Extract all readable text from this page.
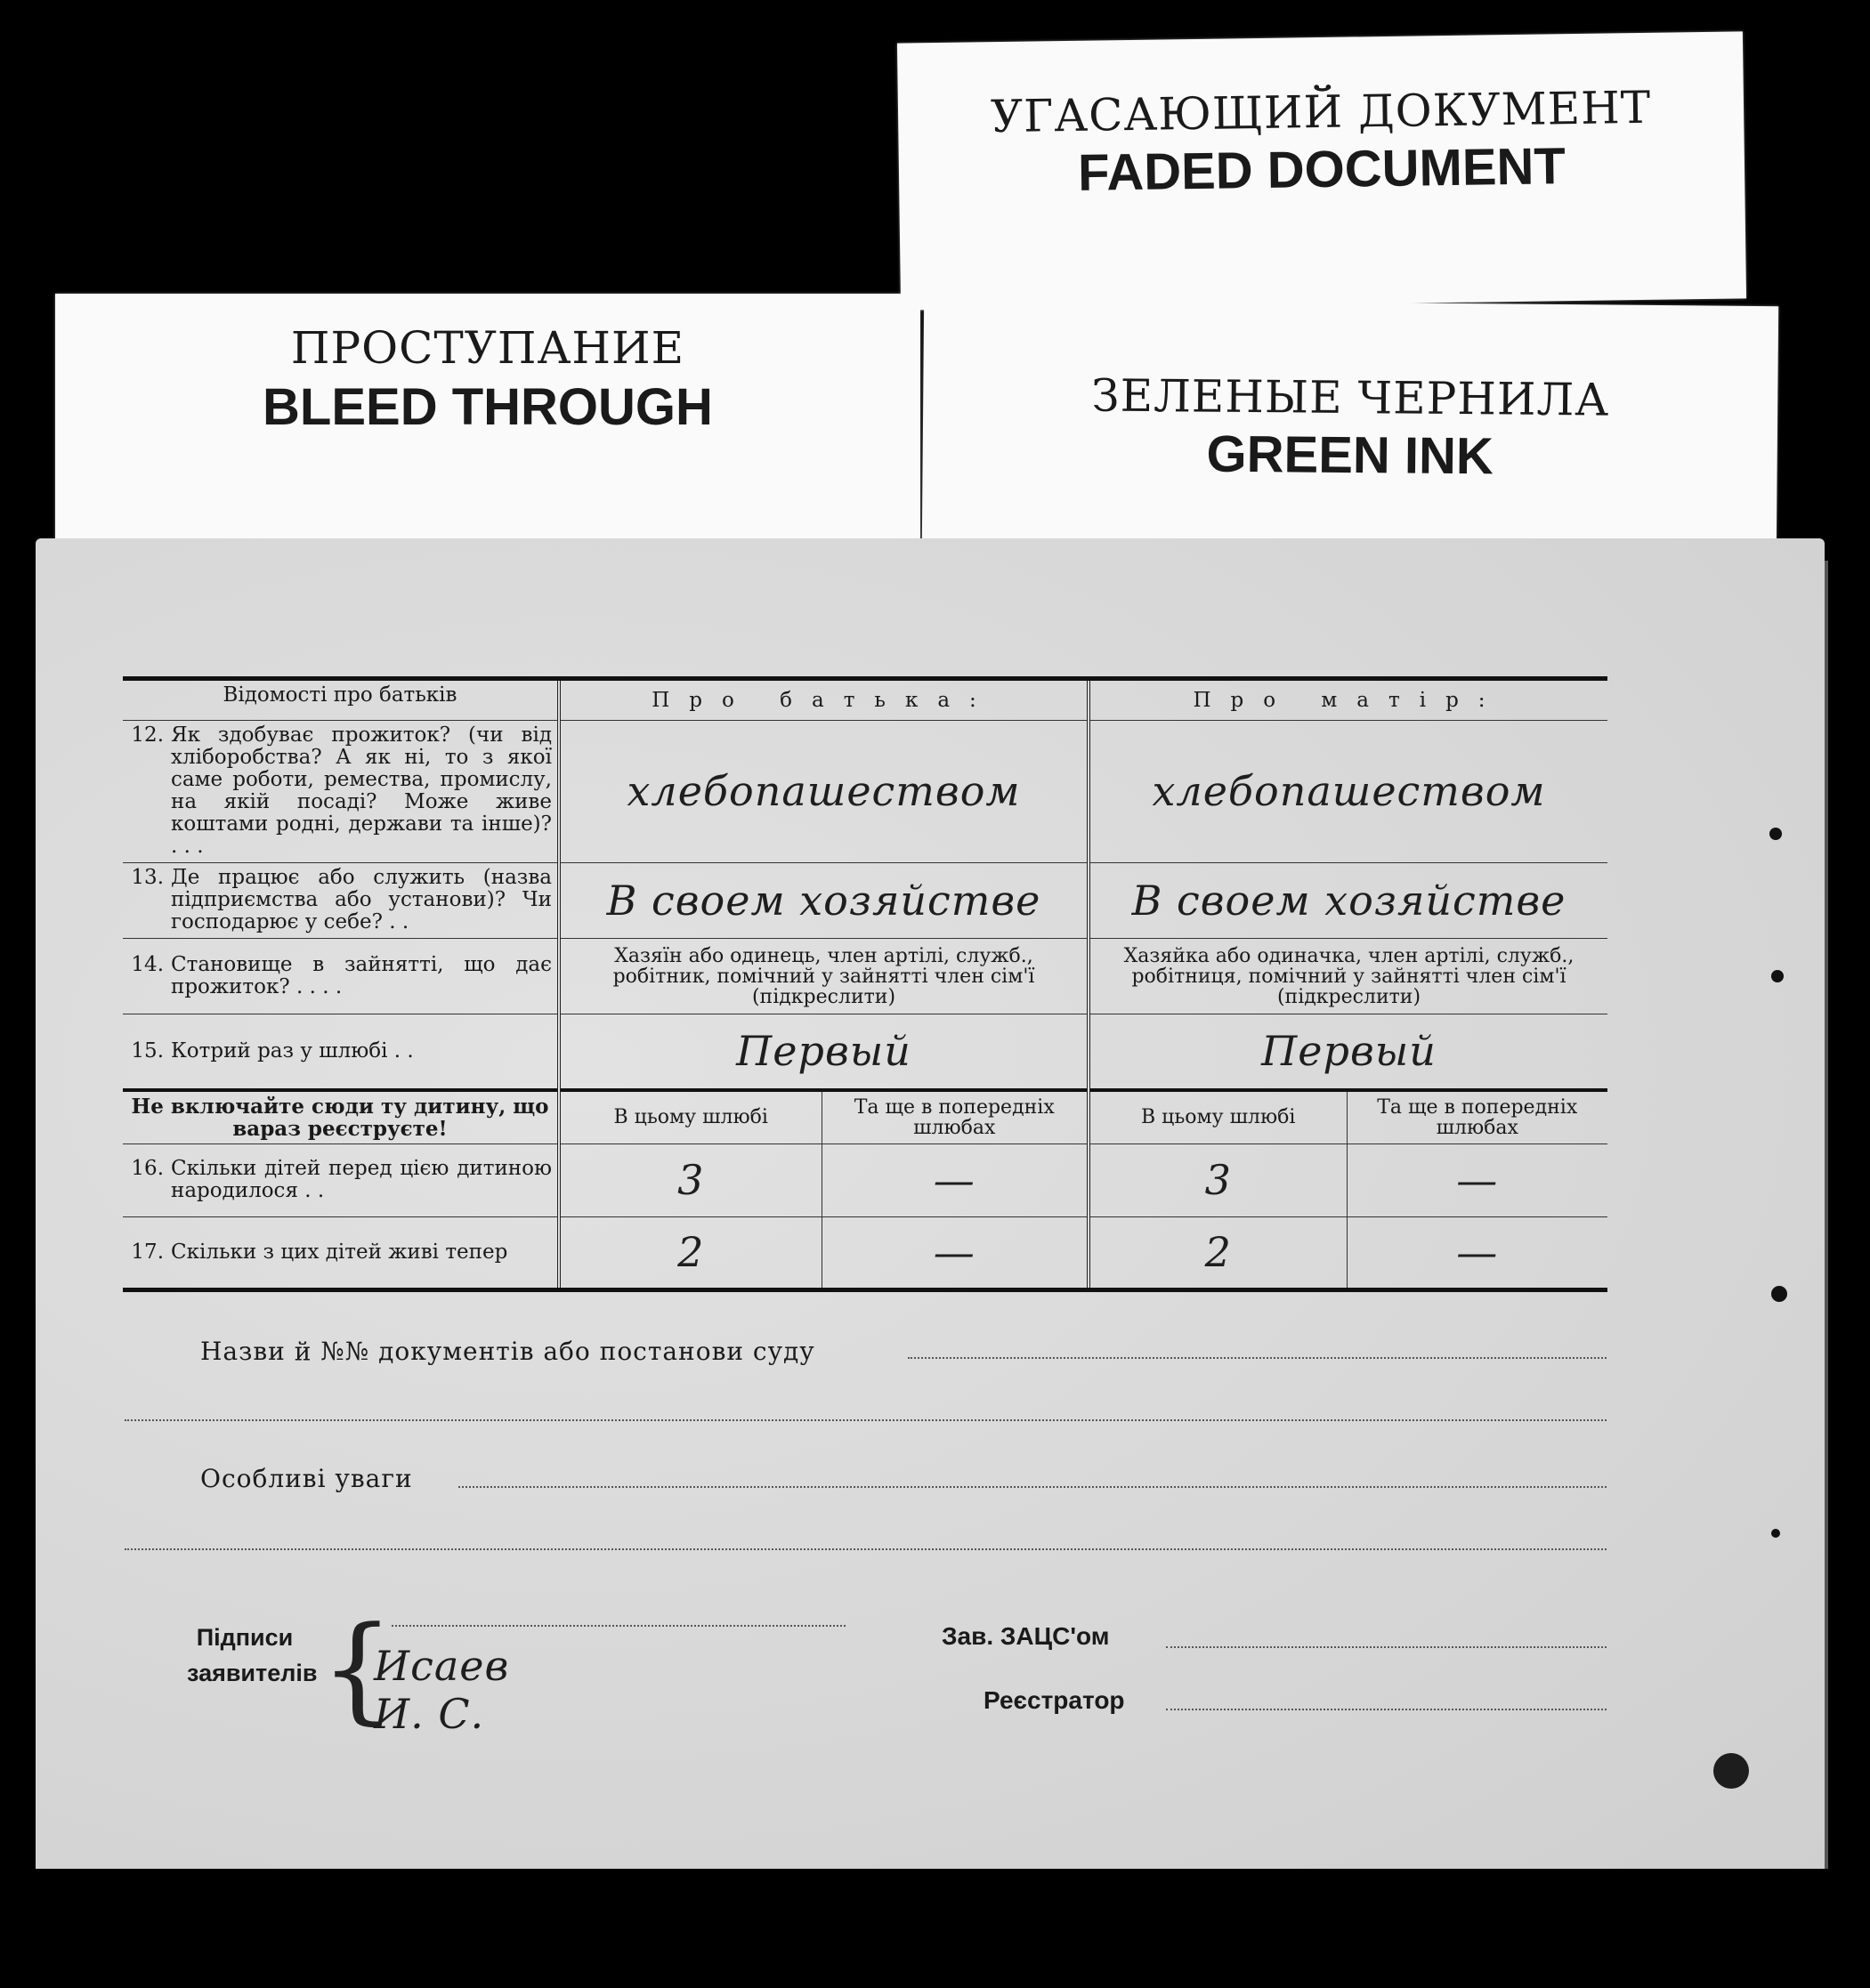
УГАСАЮЩИЙ ДОКУМЕНТ
FADED DOCUMENT
ПРОСТУПАНИЕ
BLEED THROUGH	ЗЕЛЕНЫЕ ЧЕРНИЛА
GREEN INK
Відомості про батьків	Про батька:		Про матір:	

12. Як здобуває прожиток? (чи від хліборобства? А як ні, то з якої саме роботи, ремества, промислу, на якій посаді? Може живе коштами родні, держави та інше)? . . .	хлебопашеством		хлебопашеством	

13. Де працює або служить (назва підприємства або установи)? Чи господарює у себе? . .	В своем хозяйстве		В своем хозяйстве	

14. Становище в зайнятті, що дає прожиток? . . . .	Хазяїн або одинець, член артілі, служб., робітник, помічний у зайнятті член сім'ї (підкреслити)		Хазяйка або одиначка, член артілі, служб., робітниця, помічний у зайнятті член сім'ї (підкреслити)	

15. Котрий раз у шлюбі . .	Первый		Первый	
Не включайте сюди ту дитину, що вараз реєструєте!	В цьому шлюбі	Та ще в попередніх шлюбах	В цьому шлюбі	Та ще в попередніх шлюбах

16. Скільки дітей перед цією дитиною народилося . .	3	—	3	—

17. Скільки з цих дітей живі тепер	2	—	2	—
Назви й №№ документів або постанови суду
Особливі уваги
Підписи
заявителів {
Исаев И. С.
Зав. ЗАЦС'ом
Реєстратор
